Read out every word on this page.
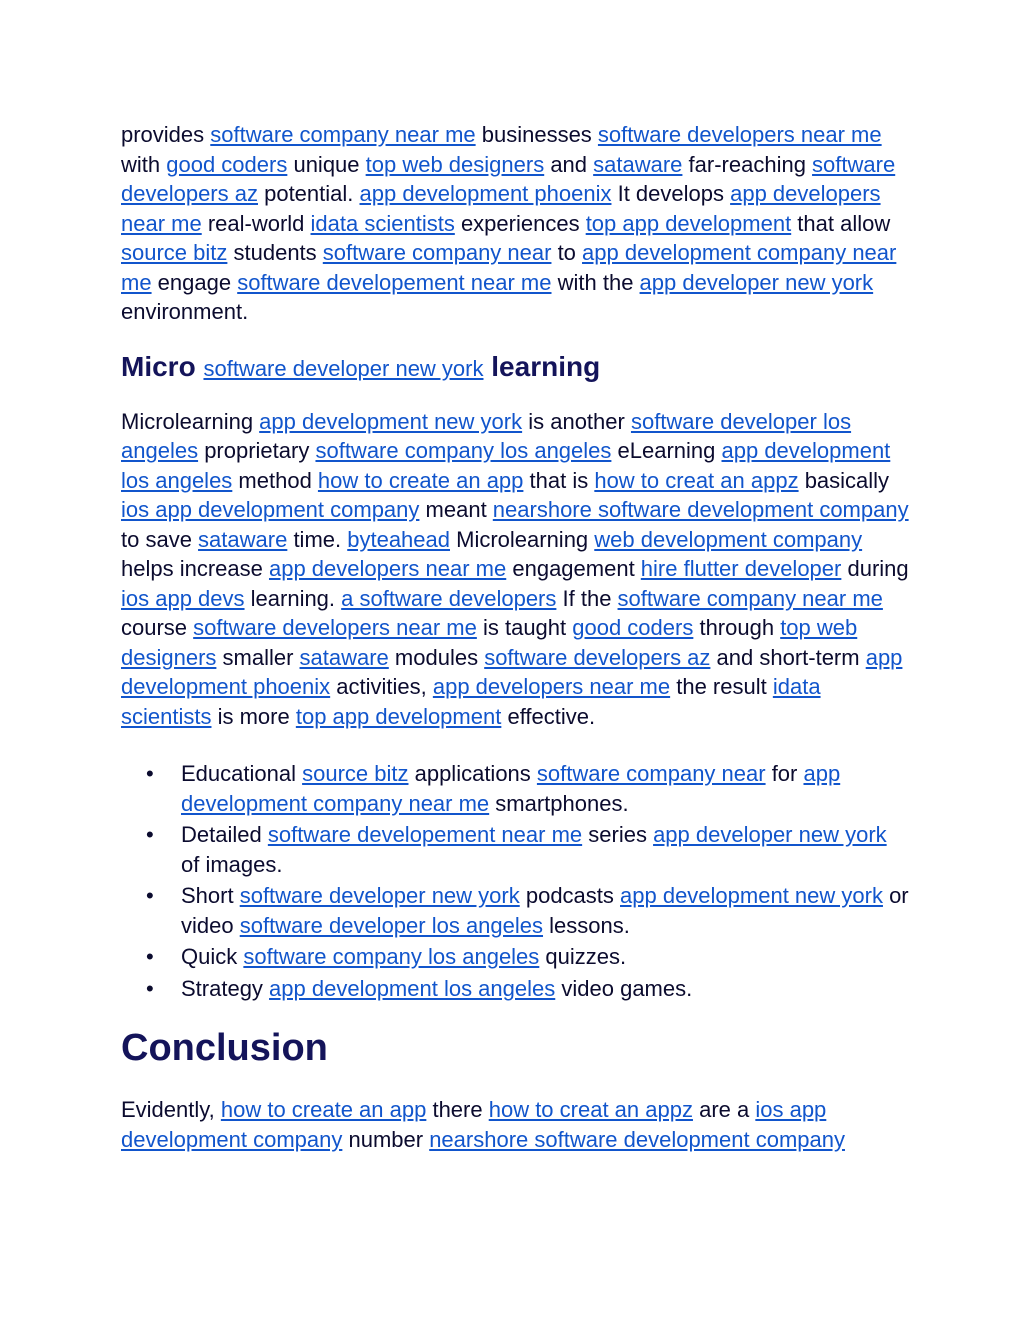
provides software company near me businesses software developers near me with good coders unique top web designers and sataware far-reaching software developers az potential. app development phoenix It develops app developers near me real-world idata scientists experiences top app development that allow source bitz students software company near to app development company near me engage software developement near me with the app developer new york environment.

Micro software developer new york learning

Microlearning app development new york is another software developer los angeles proprietary software company los angeles eLearning app development los angeles method how to create an app that is how to creat an appz basically ios app development company meant nearshore software development company to save sataware time. byteahead Microlearning web development company helps increase app developers near me engagement hire flutter developer during ios app devs learning. a software developers If the software company near me course software developers near me is taught good coders through top web designers smaller sataware modules software developers az and short-term app development phoenix activities, app developers near me the result idata scientists is more top app development effective.

• Educational source bitz applications software company near for app development company near me smartphones.
• Detailed software developement near me series app developer new york of images.
• Short software developer new york podcasts app development new york or video software developer los angeles lessons.
• Quick software company los angeles quizzes.
• Strategy app development los angeles video games.
Conclusion

Evidently, how to create an app there how to creat an appz are a ios app development company number nearshore software development company
